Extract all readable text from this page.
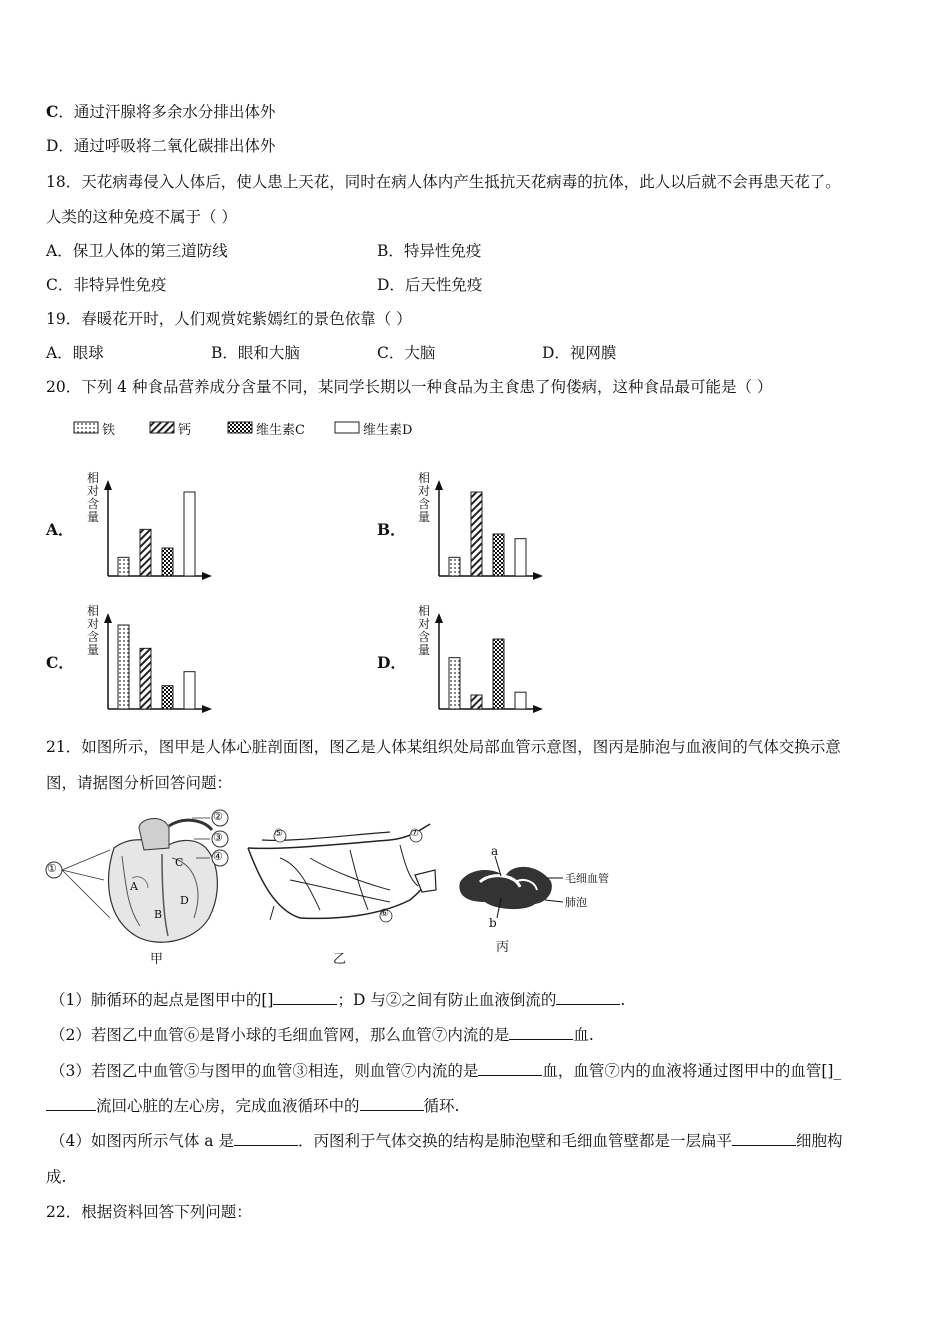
C．通过汗腺将多余水分排出体外
D．通过呼吸将二氧化碳排出体外
18．天花病毒侵入人体后，使人患上天花，同时在病人体内产生抵抗天花病毒的抗体，此人以后就不会再患天花了。
人类的这种免疫不属于（ ）
A．保卫人体的第三道防线	B．特异性免疫
C．非特异性免疫	D．后天性免疫
19．春暖花开时，人们观赏姹紫嫣红的景色依靠（ ）
A．眼球	B．眼和大脑	C．大脑	D．视网膜
20．下列 4 种食品营养成分含量不同，某同学长期以一种食品为主食患了佝偻病，这种食品最可能是（ ）
铁	钙	维生素C	维生素D
A．
相对含量
B．
相对含量
C．
相对含量
D．
相对含量
21．如图所示，图甲是人体心脏剖面图，图乙是人体某组织处局部血管示意图，图丙是肺泡与血液间的气体交换示意
图，请据图分析回答问题：
①
②
③
④
A
B
C
D
甲
⑤
⑥
⑦
乙
a
b
毛细血管
肺泡
丙
（1）肺循环的起点是图甲中的[]	；D 与②之间有防止血液倒流的	.
（2）若图乙中血管⑥是肾小球的毛细血管网，那么血管⑦内流的是	血.
（3）若图乙中血管⑤与图甲的血管③相连，则血管⑦内流的是	血，血管⑦内的血液将通过图甲中的血管[]_
流回心脏的左心房，完成血液循环中的	循环.
（4）如图丙所示气体 a 是	．丙图利于气体交换的结构是肺泡壁和毛细血管壁都是一层扁平	细胞构
成.
22．根据资料回答下列问题：
